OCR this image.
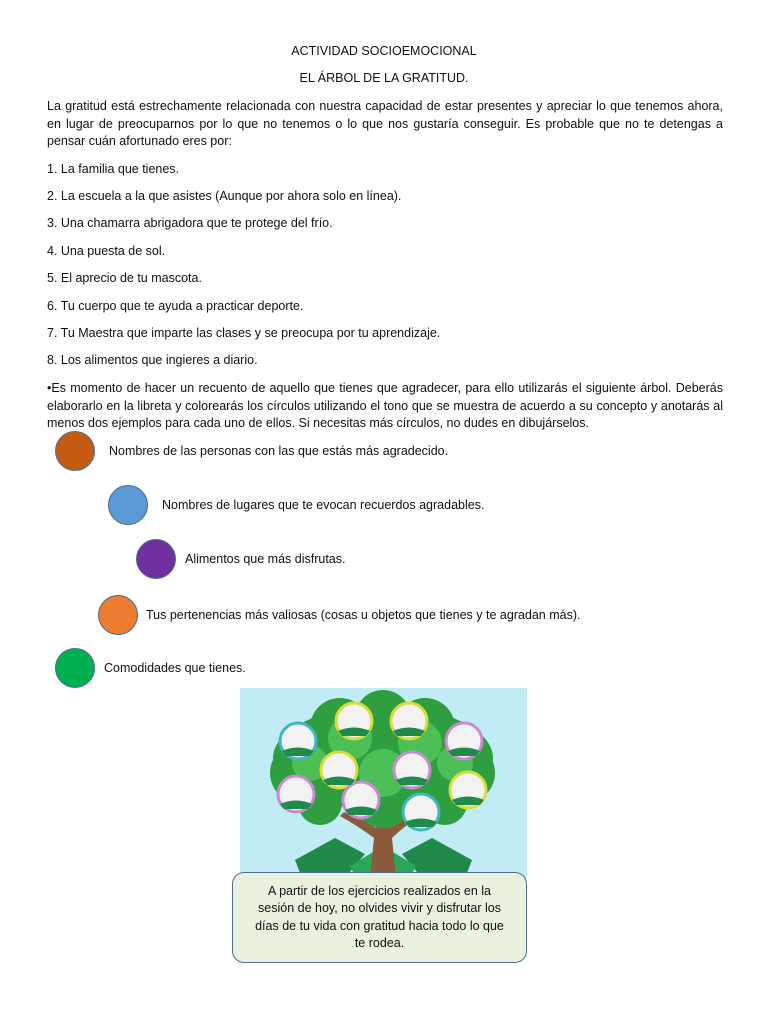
ACTIVIDAD SOCIOEMOCIONAL
EL ÁRBOL DE LA GRATITUD.
La gratitud está estrechamente relacionada con nuestra capacidad de estar presentes y apreciar lo que tenemos ahora, en lugar de preocuparnos por lo que no tenemos o lo que nos gustaría conseguir. Es probable que no te detengas a pensar cuán afortunado eres por:
1. La familia que tienes.
2. La escuela a la que asistes (Aunque por ahora solo en línea).
3. Una chamarra abrigadora que te protege del frío.
4. Una puesta de sol.
5. El aprecio de tu mascota.
6. Tu cuerpo que te ayuda a practicar deporte.
7. Tu Maestra que imparte las clases y se preocupa por tu aprendizaje.
8. Los alimentos que ingieres a diario.
•Es momento de hacer un recuento de aquello que tienes que agradecer, para ello utilizarás el siguiente árbol. Deberás elaborarlo en la libreta y colorearás los círculos utilizando el tono que se muestra de acuerdo a su concepto y anotarás al menos dos ejemplos para cada uno de ellos. Si necesitas más círculos, no dudes en dibujárselos.
Nombres de las personas con las que estás más agradecido.
Nombres de lugares que te evocan recuerdos agradables.
Alimentos que más disfrutas.
Tus pertenencias más valiosas (cosas u objetos que tienes y te agradan más).
Comodidades que tienes.
A partir de los ejercicios realizados en la sesión de hoy, no olvides vivir y disfrutar los días de tu vida con gratitud hacia todo lo que te rodea.
